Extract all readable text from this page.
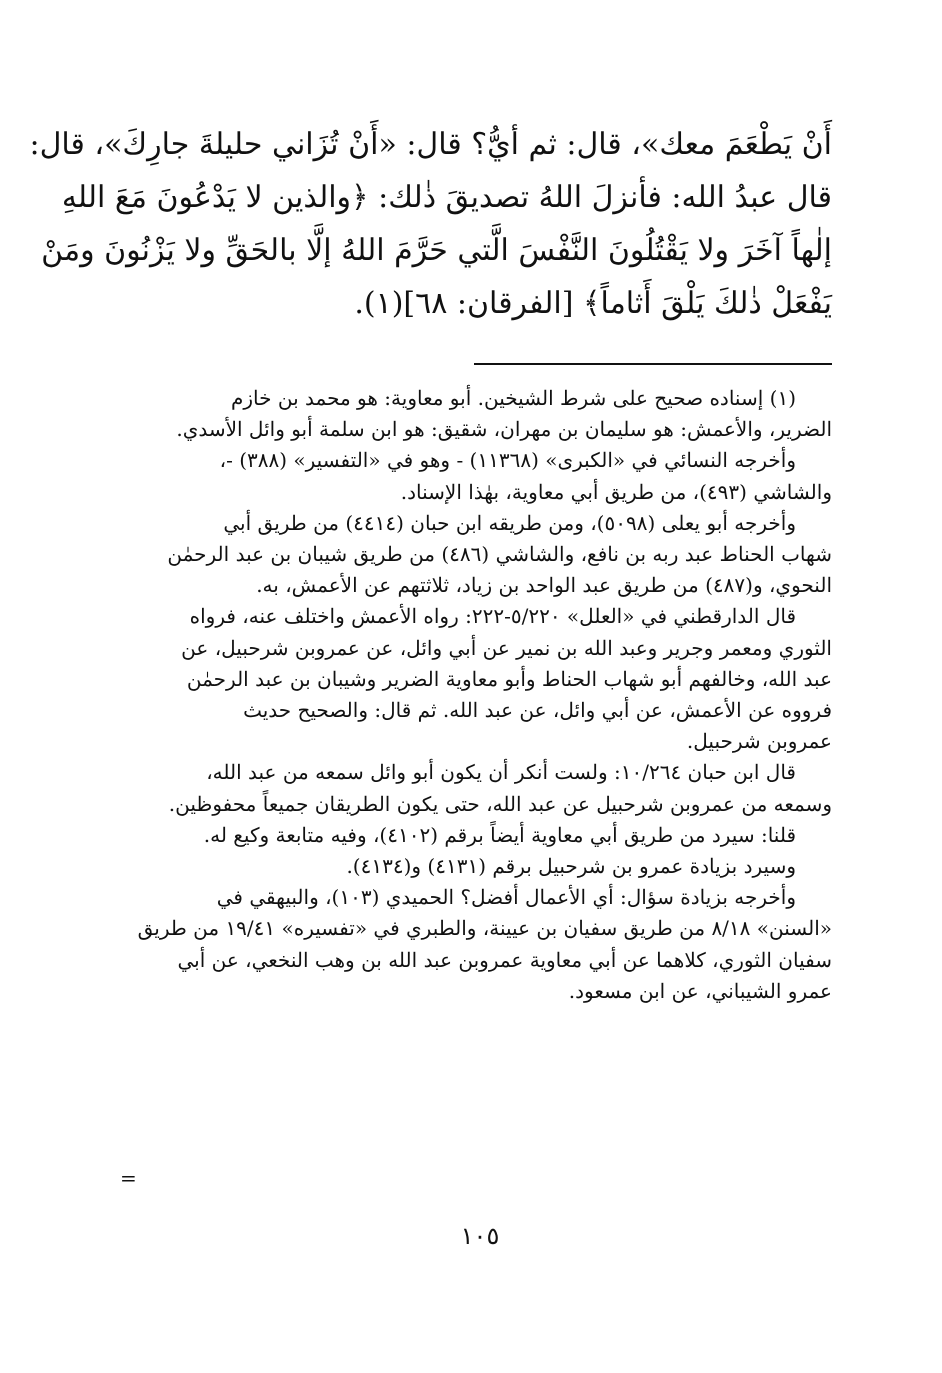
أَنْ يَطْعَمَ معك»، قال: ثم أيُّ؟ قال: «أَنْ تُزَاني حليلةَ جارِكَ»، قال:
قال عبدُ الله: فأنزلَ اللهُ تصديقَ ذٰلك: ﴿والذين لا يَدْعُونَ مَعَ اللهِ
إلٰهاً آخَرَ ولا يَقْتُلُونَ النَّفْسَ الَّتي حَرَّمَ اللهُ إلَّا بالحَقِّ ولا يَزْنُونَ ومَنْ
يَفْعَلْ ذٰلكَ يَلْقَ أَثاماً﴾ [الفرقان: ٦٨](١).

(١) إسناده صحيح على شرط الشيخين. أبو معاوية: هو محمد بن خازم

الضرير، والأعمش: هو سليمان بن مهران، شقيق: هو ابن سلمة أبو وائل الأسدي.

وأخرجه النسائي في «الكبرى» (١١٣٦٨) - وهو في «التفسير» (٣٨٨) -،

والشاشي (٤٩٣)، من طريق أبي معاوية، بهٰذا الإسناد.

وأخرجه أبو يعلى (٥٠٩٨)، ومن طريقه ابن حبان (٤٤١٤) من طريق أبي

شهاب الحناط عبد ربه بن نافع، والشاشي (٤٨٦) من طريق شيبان بن عبد الرحمٰن
النحوي، و(٤٨٧) من طريق عبد الواحد بن زياد، ثلاثتهم عن الأعمش، به.

قال الدارقطني في «العلل» ٥/٢٢٠-٢٢٢: رواه الأعمش واختلف عنه، فرواه

الثوري ومعمر وجرير وعبد الله بن نمير عن أبي وائل، عن عمروبن شرحبيل، عن
عبد الله، وخالفهم أبو شهاب الحناط وأبو معاوية الضرير وشيبان بن عبد الرحمٰن
فرووه عن الأعمش، عن أبي وائل، عن عبد الله. ثم قال: والصحيح حديث
عمروبن شرحبيل.

قال ابن حبان ١٠/٢٦٤: ولست أنكر أن يكون أبو وائل سمعه من عبد الله،

وسمعه من عمروبن شرحبيل عن عبد الله، حتى يكون الطريقان جميعاً محفوظين.

قلنا: سيرد من طريق أبي معاوية أيضاً برقم (٤١٠٢)، وفيه متابعة وكيع له.
وسيرد بزيادة عمرو بن شرحبيل برقم (٤١٣١) و(٤١٣٤).

وأخرجه بزيادة سؤال: أي الأعمال أفضل؟ الحميدي (١٠٣)، والبيهقي في

«السنن» ٨/١٨ من طريق سفيان بن عيينة، والطبري في «تفسيره» ١٩/٤١ من طريق
سفيان الثوري، كلاهما عن أبي معاوية عمروبن عبد الله بن وهب النخعي، عن أبي
عمرو الشيباني، عن ابن مسعود.

=
١٠٥
